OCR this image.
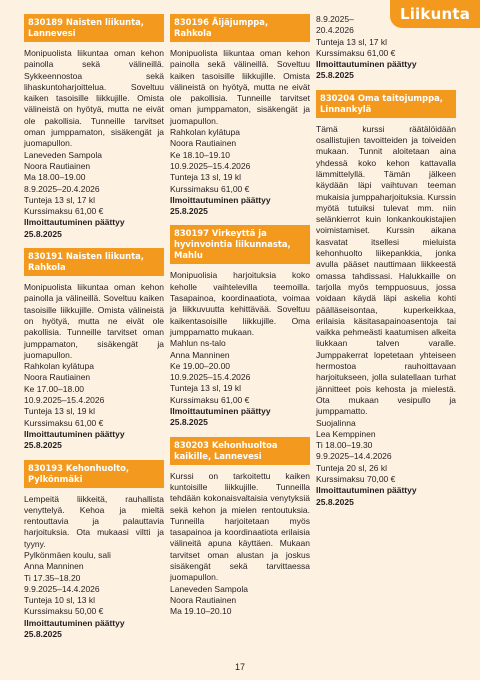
Liikunta
830189 Naisten liikunta, Lannevesi

Monipuolista liikuntaa oman kehon painolla sekä välineillä. Sykkeennostoa sekä lihaskuntoharjoittelua. Soveltuu kaiken tasoisille liikkujille. Omista välineistä on hyötyä, mutta ne eivät ole pakollisia. Tunneille tarvitset oman jumppamaton, sisäkengät ja juomapullon.

Laneveden Sampola

Noora Rautiainen

Ma 18.00–19.00

8.9.2025–20.4.2026

Tunteja 13 sl, 17 kl

Kurssimaksu 61,00 €

Ilmoittautuminen päättyy

25.8.2025

830191 Naisten liikunta, Rahkola

Monipuolista liikuntaa oman kehon painolla ja välineillä. Soveltuu kaiken tasoisille liikkujille. Omista välineistä on hyötyä, mutta ne eivät ole pakollisia. Tunneille tarvitset oman jumppamaton, sisäkengät ja juomapullon.

Rahkolan kylätupa

Noora Rautiainen

Ke 17.00–18.00

10.9.2025–15.4.2026

Tunteja 13 sl, 19 kl

Kurssimaksu 61,00 €

Ilmoittautuminen päättyy

25.8.2025

830193 Kehonhuolto, Pylkönmäki

Lempeitä liikkeitä, rauhallista venyttelyä. Kehoa ja mieltä rentouttavia ja palauttavia harjoituksia. Ota mukaasi viltti ja tyyny.

Pylkönmäen koulu, sali

Anna Manninen

Ti 17.35–18.20

9.9.2025–14.4.2026

Tunteja 10 sl, 13 kl

Kurssimaksu 50,00 €

Ilmoittautuminen päättyy

25.8.2025

830196 Äijäjumppa, Rahkola

Monipuolista liikuntaa oman kehon painolla sekä välineillä. Soveltuu kaiken tasoisille liikkujille. Omista välineistä on hyötyä, mutta ne eivät ole pakollisia. Tunneille tarvitset oman jumppamaton, sisäkengät ja juomapullon.

Rahkolan kylätupa

Noora Rautiainen

Ke 18.10–19.10

10.9.2025–15.4.2026

Tunteja 13 sl, 19 kl

Kurssimaksu 61,00 €

Ilmoittautuminen päättyy

25.8.2025

830197 Virkeyttä ja hyvinvointia liikunnasta, Mahlu

Monipuolisia harjoituksia koko keholle vaihtelevilla teemoilla. Tasapainoa, koordinaatiota, voimaa ja liikkuvuutta kehittävää. Soveltuu kaikentasoisille liikkujille. Oma jumppamatto mukaan.

Mahlun ns-talo

Anna Manninen

Ke 19.00–20.00

10.9.2025–15.4.2026

Tunteja 13 sl, 19 kl

Kurssimaksu 61,00 €

Ilmoittautuminen päättyy

25.8.2025

830203 Kehonhuoltoa kaikille, Lannevesi

Kurssi on tarkoitettu kaiken kuntoisille liikkujille. Tunneilla tehdään kokonaisvaltaisia venytyksiä sekä kehon ja mielen rentoutuksia. Tunneilla harjoitetaan myös tasapainoa ja koordinaatiota erilaisia välineitä apuna käyttäen. Mukaan tarvitset oman alustan ja joskus sisäkengät sekä tarvittaessa juomapullon.

Laneveden Sampola

Noora Rautiainen

Ma 19.10–20.10

8.9.2025–

20.4.2026

Tunteja 13 sl, 17 kl

Kurssimaksu 61,00 €

Ilmoittautuminen päättyy

25.8.2025

830204 Oma taitojumppa, Linnankylä

Tämä kurssi räätälöidään osallistujien tavoitteiden ja toiveiden mukaan. Tunnit aloitetaan aina yhdessä koko kehon kattavalla lämmittelyllä. Tämän jälkeen käydään läpi vaihtuvan teeman mukaisia jumppaharjoituksia. Kurssin myötä tutuiksi tulevat mm. niin selänkierrot kuin lonkankoukistajien voimistamiset. Kurssin aikana kasvatat itsellesi mieluista kehonhuolto liikepankkia, jonka avulla pääset nauttimaan liikkeestä omassa tahdissasi. Halukkaille on tarjolla myös temppuosuus, jossa voidaan käydä läpi askelia kohti päälläseisontaa, kuperkeikkaa, erilaisia käsitasapainoasentoja tai vaikka pehmeästi kaatumisen alkeita liukkaan talven varalle. Jumppakerrat lopetetaan yhteiseen hermostoa rauhoittavaan harjoitukseen, jolla sulatellaan turhat jännitteet pois kehosta ja mielestä. Ota mukaan vesipullo ja jumppamatto.

Suojalinna

Lea Kemppinen

Ti 18.00–19.30

9.9.2025–14.4.2026

Tunteja 20 sl, 26 kl

Kurssimaksu 70,00 €

Ilmoittautuminen päättyy

25.8.2025

17
